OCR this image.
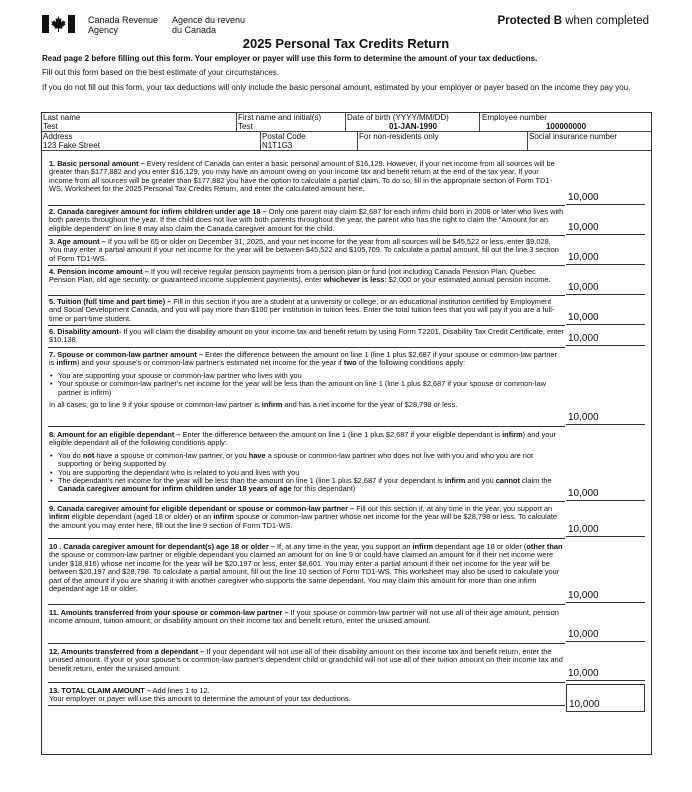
Canada Revenue
Agency
Agence du revenu
du Canada
Protected B when completed
2025 Personal Tax Credits Return
Read page 2 before filling out this form. Your employer or payer will use this form to determine the amount of your tax deductions.
Fill out this form based on the best estimate of your circumstances.
If you do not fill out this form, your tax deductions will only include the basic personal amount, estimated by your employer or payer based on the income they pay you.
Last name
Test
First name and initial(s)
Test
Date of birth (YYYY/MM/DD)
01-JAN-1990
Employee number
100000000
Address
123 Fake Street
Postal Code
N1T1G3
For non-residents only	Social insurance number
1. Basic personal amount – Every resident of Canada can enter a basic personal amount of $16,129. However, if your net income from all sources will be greater than $177,882 and you enter $16,129, you may have an amount owing on your income tax and benefit return at the end of the tax year. If your income from all sources will be greater than $177,882 you have the option to calculate a partial claim. To do so, fill in the appropriate section of Form TD1-WS, Worksheet for the 2025 Personal Tax Credits Return, and enter the calculated amount here.
10,000
2. Canada caregiver amount for infirm children under age 18 – Only one parent may claim $2,687 for each infirm child born in 2008 or later who lives with both parents throughout the year. If the child does not live with both parents throughout the year, the parent who has the right to claim the "Amount for an eligible dependent" on line 8 may also claim the Canada caregiver amount for the child.	10,000
3. Age amount – If you will be 65 or older on December 31, 2025, and your net income for the year from all sources will be $45,522 or less, enter $9,028. You may enter a partial amount if your net income for the year will be between $45,522 and $105,709. To calculate a partial amount, fill out the line 3 section of Form TD1-WS.	10,000
4. Pension income amount – If you will receive regular pension payments from a pension plan or fund (not including Canada Pension Plan, Quebec Pension Plan, old age security, or guaranteed income supplement payments), enter whichever is less: $2,000 or your estimated annual pension income.
10,000
5. Tuition (full time and part time) – Fill in this section if you are a student at a university or college, or an educational institution certified by Employment and Social Development Canada, and you will pay more than $100 per institution in tuition fees. Enter the total tuition fees that you will pay if you are a full-time or part-time student.	10,000
6. Disability amount- If you will claim the disability amount on your income tax and benefit return by using Form T2201, Disability Tax Credit Certificate, enter $10,138.	10,000
7. Spouse or common-law partner amount – Enter the difference between the amount on line 1 (line 1 plus $2,687 if your spouse or common-law partner is infirm) and your spouse's or common-law partner's estimated net income for the year if two of the following conditions apply:
• You are supporting your spouse or common-law partner who lives with you
• Your spouse or common-law partner's net income for the year will be less than the amount on line 1 (line 1 plus $2,687 if your spouse or common-law partner is infirm)
In all cases, go to line 9 if your spouse or common-law partner is infirm and has a net income for the year of $28,798 or less.
10,000
8. Amount for an eligible dependant – Enter the difference between the amount on line 1 (line 1 plus $2,687 if your eligible dependant is infirm) and your eligible dependant all of the following conditions apply:
• You do not have a spouse or common-law partner, or you have a spouse or common-law partner who does not live with you and who you are not supporting or being supported by
• You are supporting the dependant who is related to you and lives with you
• The dependant's net income for the year will be less than the amount on line 1 (line 1 plus $2,687 if your dependant is infirm and you cannot claim the Canada caregiver amount for infirm children under 18 years of age for this dependant)	10,000
9. Canada caregiver amount for eligible dependant or spouse or common-law partner – Fill out this section if, at any time in the year, you support an infirm eligible dependant (aged 18 or older) or an infirm spouse or common-law partner whose net income for the year will be $28,798 or less. To calculate the amount you may enter here, fill out the line 9 section of Form TD1-WS.	10,000
10 . Canada caregiver amount for dependant(s) age 18 or older – If, at any time in the year, you support an infirm dependant age 18 or older (other than the spouse or common-law partner or eligible dependant you claimed an amount for on line 9 or could have claimed an amount for if their net income were under $18,816) whose net income for the year will be $20,197 or less, enter $8,601. You may enter a partial amount if their net income for the year will be between $20,197 and $28,798. To calculate a partial amount, fill out the line 10 section of Form TD1-WS. This worksheet may also be used to calculate your part of the amount if you are sharing it with another caregiver who supports the same dependant. You may claim this amount for more than one infirm dependant age 18 or older.
10,000
11. Amounts transferred from your spouse or common-law partner – If your spouse or common-law partner will not use all of their age amount, pension income amount, tuition amount, or disability amount on their income tax and benefit return, enter the unused amount.
10,000
12. Amounts transferred from a dependant – If your dependant will not use all of their disability amount on their income tax and benefit return, enter the unused amount. If your or your spouse's or common-law partner's dependent child or grandchild will not use all of their tuition amount on their income tax and benefit return, enter the unused amount.	10,000
13. TOTAL CLAIM AMOUNT – Add lines 1 to 12.
Your employer or payer will use this amount to determine the amount of your tax deductions.
10,000
